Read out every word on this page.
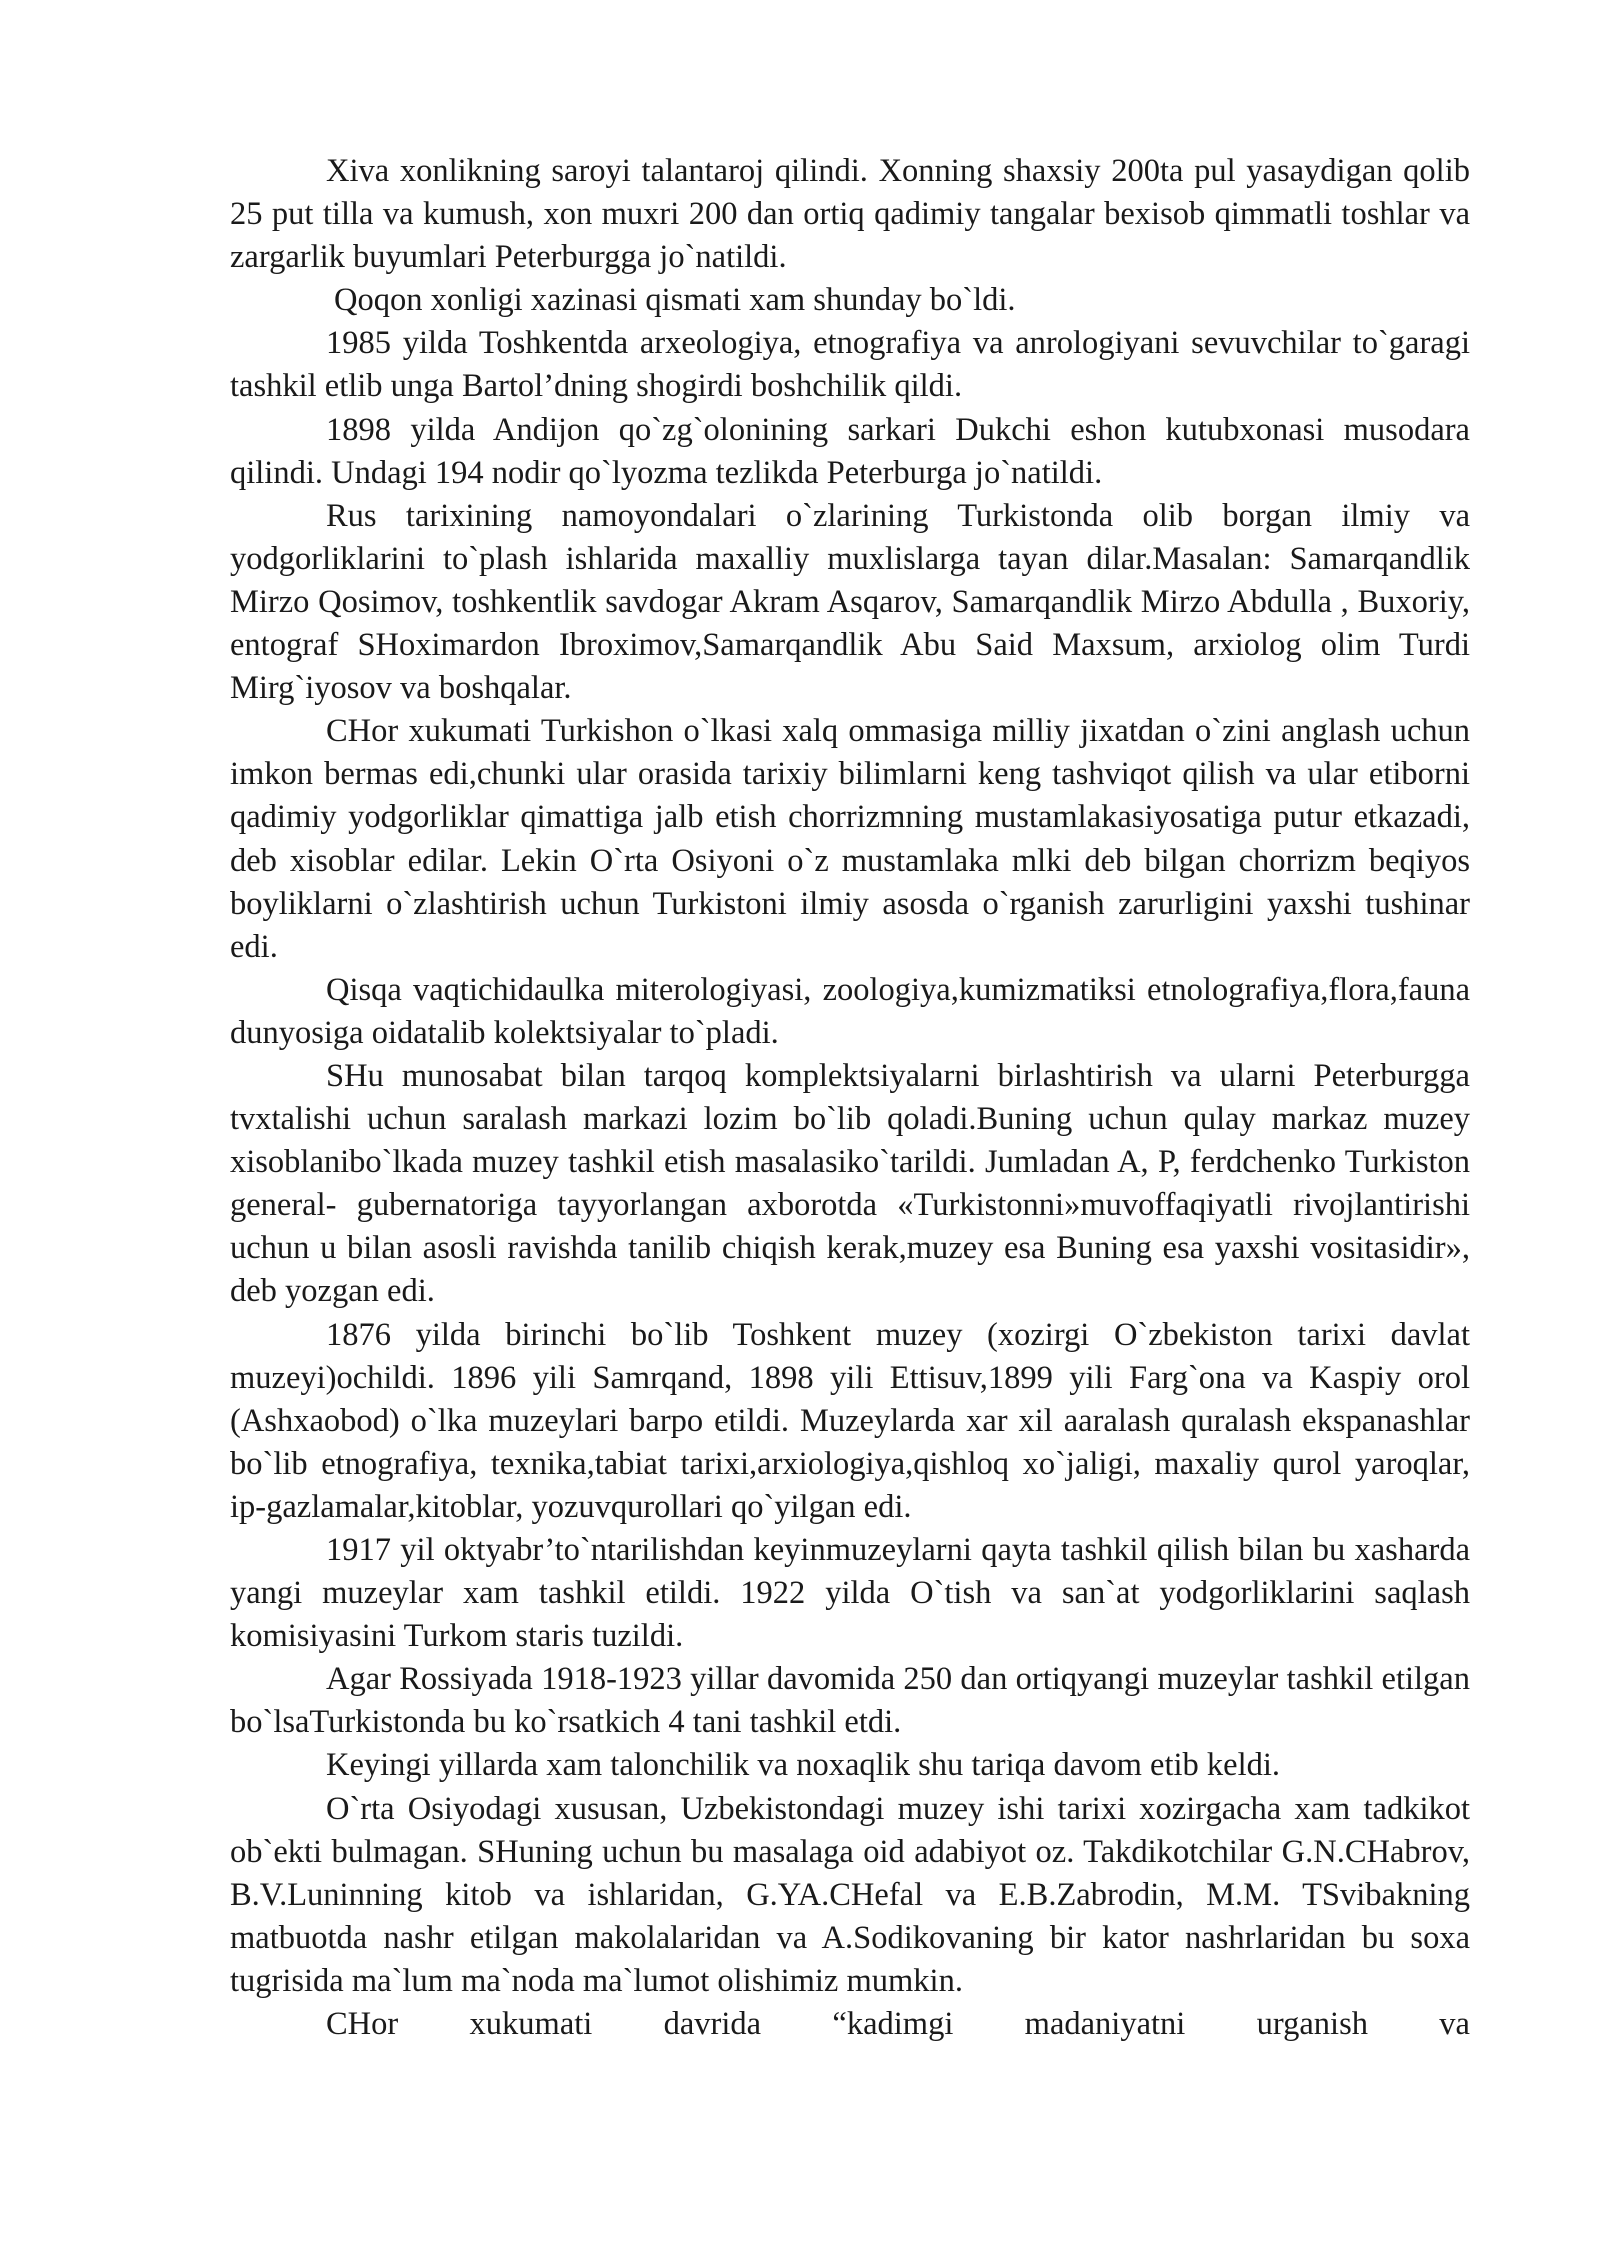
Xiva xonlikning saroyi talantaroj qilindi. Xonning shaxsiy 200ta pul yasaydigan qolib 25 put tilla va kumush, xon muxri 200 dan ortiq qadimiy tangalar bexisob qimmatli toshlar va zargarlik buyumlari Peterburgga jo`natildi.

Qoqon xonligi xazinasi qismati xam shunday bo`ldi.

1985 yilda Toshkentda arxeologiya, etnografiya va anrologiyani sevuvchilar to`garagi tashkil etlib unga Bartol’dning shogirdi boshchilik qildi.

1898 yilda Andijon qo`zg`olonining sarkari Dukchi eshon kutubxonasi musodara qilindi. Undagi 194 nodir qo`lyozma tezlikda Peterburga jo`natildi.

Rus tarixining namoyondalari o`zlarining Turkistonda olib borgan ilmiy va yodgorliklarini to`plash ishlarida maxalliy muxlislarga tayan dilar.Masalan: Samarqandlik Mirzo Qosimov, toshkentlik savdogar Akram Asqarov, Samarqandlik Mirzo Abdulla , Buxoriy, entograf SHoximardon Ibroximov,Samarqandlik Abu Said Maxsum, arxiolog olim Turdi Mirg`iyosov va boshqalar.

CHor xukumati Turkishon o`lkasi xalq ommasiga milliy jixatdan o`zini anglash uchun imkon bermas edi,chunki ular orasida tarixiy bilimlarni keng tashviqot qilish va ular etiborni qadimiy yodgorliklar qimattiga jalb etish chorrizmning mustamlakasiyosatiga putur etkazadi, deb xisoblar edilar. Lekin O`rta Osiyoni o`z mustamlaka mlki deb bilgan chorrizm beqiyos boyliklarni o`zlashtirish uchun Turkistoni ilmiy asosda o`rganish zarurligini yaxshi tushinar edi.

Qisqa vaqtichidaulka miterologiyasi, zoologiya,kumizmatiksi etnolografiya,flora,fauna dunyosiga oidatalib kolektsiyalar to`pladi.

SHu munosabat bilan tarqoq komplektsiyalarni birlashtirish va ularni Peterburgga tvxtalishi uchun saralash markazi lozim bo`lib qoladi.Buning uchun qulay markaz muzey xisoblanibo`lkada muzey tashkil etish masalasiko`tarildi. Jumladan A, P, ferdchenko Turkiston general- gubernatoriga tayyorlangan axborotda «Turkistonni»muvoffaqiyatli rivojlantirishi uchun u bilan asosli ravishda tanilib chiqish kerak,muzey esa Buning esa yaxshi vositasidir», deb yozgan edi.

1876 yilda birinchi bo`lib Toshkent muzey (xozirgi O`zbekiston tarixi davlat muzeyi)ochildi. 1896 yili Samrqand, 1898 yili Ettisuv,1899 yili Farg`ona va Kaspiy orol (Ashxaobod) o`lka muzeylari barpo etildi. Muzeylarda xar xil aaralash quralash ekspanashlar bo`lib etnografiya, texnika,tabiat tarixi,arxiologiya,qishloq xo`jaligi, maxaliy qurol yaroqlar, ip-gazlamalar,kitoblar, yozuvqurollari qo`yilgan edi.

1917 yil oktyabr’to`ntarilishdan keyinmuzeylarni qayta tashkil qilish bilan bu xasharda yangi muzeylar xam tashkil etildi. 1922 yilda O`tish va san`at yodgorliklarini saqlash komisiyasini Turkom staris tuzildi.

Agar Rossiyada 1918-1923 yillar davomida 250 dan ortiqyangi muzeylar tashkil etilgan bo`lsaTurkistonda bu ko`rsatkich 4 tani tashkil etdi.

Keyingi yillarda xam talonchilik va noxaqlik shu tariqa davom etib keldi.

O`rta Osiyodagi xususan, Uzbekistondagi muzey ishi tarixi xozirgacha xam tadkikot ob`ekti bulmagan. SHuning uchun bu masalaga oid adabiyot oz. Takdikotchilar G.N.CHabrov, B.V.Luninning kitob va ishlaridan, G.YA.CHefal va E.B.Zabrodin, M.M. TSvibakning matbuotda nashr etilgan makolalaridan va A.Sodikovaning bir kator nashrlaridan bu soxa tugrisida ma`lum ma`noda ma`lumot olishimiz mumkin.

CHor xukumati davrida “kadimgi madaniyatni urganish va
